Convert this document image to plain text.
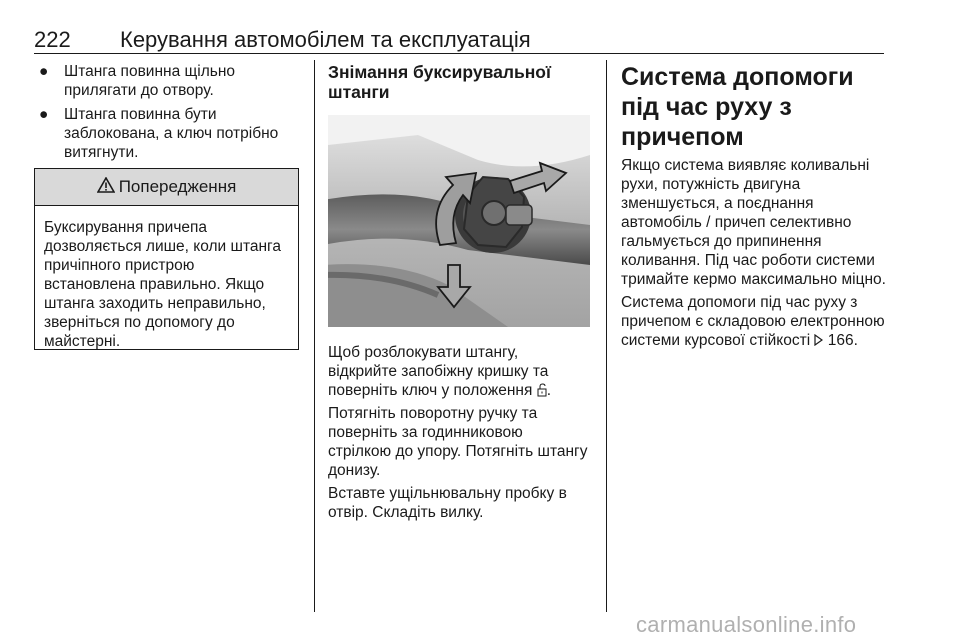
222 Керування автомобілем та експлуатація
● Штанга повинна щільно прилягати до отвору.
● Штанга повинна бути заблокована, а ключ потрібно витягнути.
Попередження
Буксирування причепа дозволяється лише, коли штанга причіпного пристрою встановлена правильно. Якщо штанга заходить неправильно, зверніться по допомогу до майстерні.
Знімання буксирувальної штанги

Щоб розблокувати штангу, відкрийте запобіжну кришку та поверніть ключ у положення .

Потягніть поворотну ручку та поверніть за годинниковою стрілкою до упору. Потягніть штангу донизу.

Вставте ущільнювальну пробку в отвір. Складіть вилку.

Система допомоги під час руху з причепом

Якщо система виявляє коливальні рухи, потужність двигуна зменшується, а поєднання автомобіль / причеп селективно гальмується до припинення коливання. Під час роботи системи тримайте кермо максимально міцно.

Система допомоги під час руху з причепом є складовою електронною системи курсової стійкості 166.

carmanualsonline.info
